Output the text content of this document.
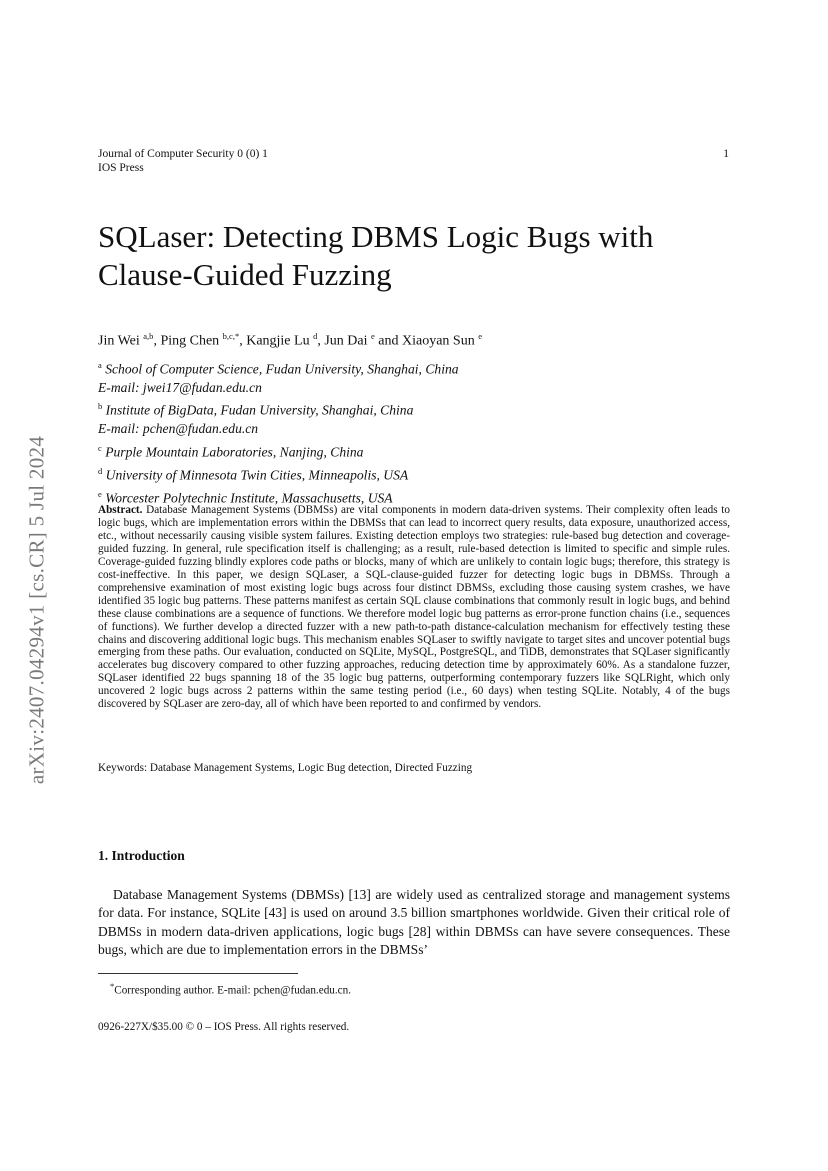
arXiv:2407.04294v1 [cs.CR] 5 Jul 2024
Journal of Computer Security 0 (0) 1
IOS Press
1
SQLaser: Detecting DBMS Logic Bugs with
Clause-Guided Fuzzing
Jin Wei $^{a,b}$, Ping Chen $^{b,c,*}$, Kangjie Lu $^d$, Jun Dai $^e$ and Xiaoyan Sun $^e$
$^a$ School of Computer Science, Fudan University, Shanghai, China
E-mail: jwei17@fudan.edu.cn
$^b$ Institute of BigData, Fudan University, Shanghai, China
E-mail: pchen@fudan.edu.cn
$^c$ Purple Mountain Laboratories, Nanjing, China
$^d$ University of Minnesota Twin Cities, Minneapolis, USA
$^e$ Worcester Polytechnic Institute, Massachusetts, USA
Abstract. Database Management Systems (DBMSs) are vital components in modern data-driven systems. Their complexity often leads to logic bugs, which are implementation errors within the DBMSs that can lead to incorrect query results, data exposure, unauthorized access, etc., without necessarily causing visible system failures. Existing detection employs two strategies: rule-based bug detection and coverage-guided fuzzing. In general, rule specification itself is challenging; as a result, rule-based detection is limited to specific and simple rules. Coverage-guided fuzzing blindly explores code paths or blocks, many of which are unlikely to contain logic bugs; therefore, this strategy is cost-ineffective. In this paper, we design SQLaser, a SQL-clause-guided fuzzer for detecting logic bugs in DBMSs. Through a comprehensive examination of most existing logic bugs across four distinct DBMSs, excluding those causing system crashes, we have identified 35 logic bug patterns. These patterns manifest as certain SQL clause combinations that commonly result in logic bugs, and behind these clause combinations are a sequence of functions. We therefore model logic bug patterns as error-prone function chains (i.e., sequences of functions). We further develop a directed fuzzer with a new path-to-path distance-calculation mechanism for effectively testing these chains and discovering additional logic bugs. This mechanism enables SQLaser to swiftly navigate to target sites and uncover potential bugs emerging from these paths. Our evaluation, conducted on SQLite, MySQL, PostgreSQL, and TiDB, demonstrates that SQLaser significantly accelerates bug discovery compared to other fuzzing approaches, reducing detection time by approximately 60%. As a standalone fuzzer, SQLaser identified 22 bugs spanning 18 of the 35 logic bug patterns, outperforming contemporary fuzzers like SQLRight, which only uncovered 2 logic bugs across 2 patterns within the same testing period (i.e., 60 days) when testing SQLite. Notably, 4 of the bugs discovered by SQLaser are zero-day, all of which have been reported to and confirmed by vendors.
Keywords: Database Management Systems, Logic Bug detection, Directed Fuzzing
1. Introduction
Database Management Systems (DBMSs) [13] are widely used as centralized storage and management systems for data. For instance, SQLite [43] is used on around 3.5 billion smartphones worldwide. Given their critical role of DBMSs in modern data-driven applications, logic bugs [28] within DBMSs can have severe consequences. These bugs, which are due to implementation errors in the DBMSs’
*Corresponding author. E-mail: pchen@fudan.edu.cn.
0926-227X/$35.00 © 0 – IOS Press. All rights reserved.
